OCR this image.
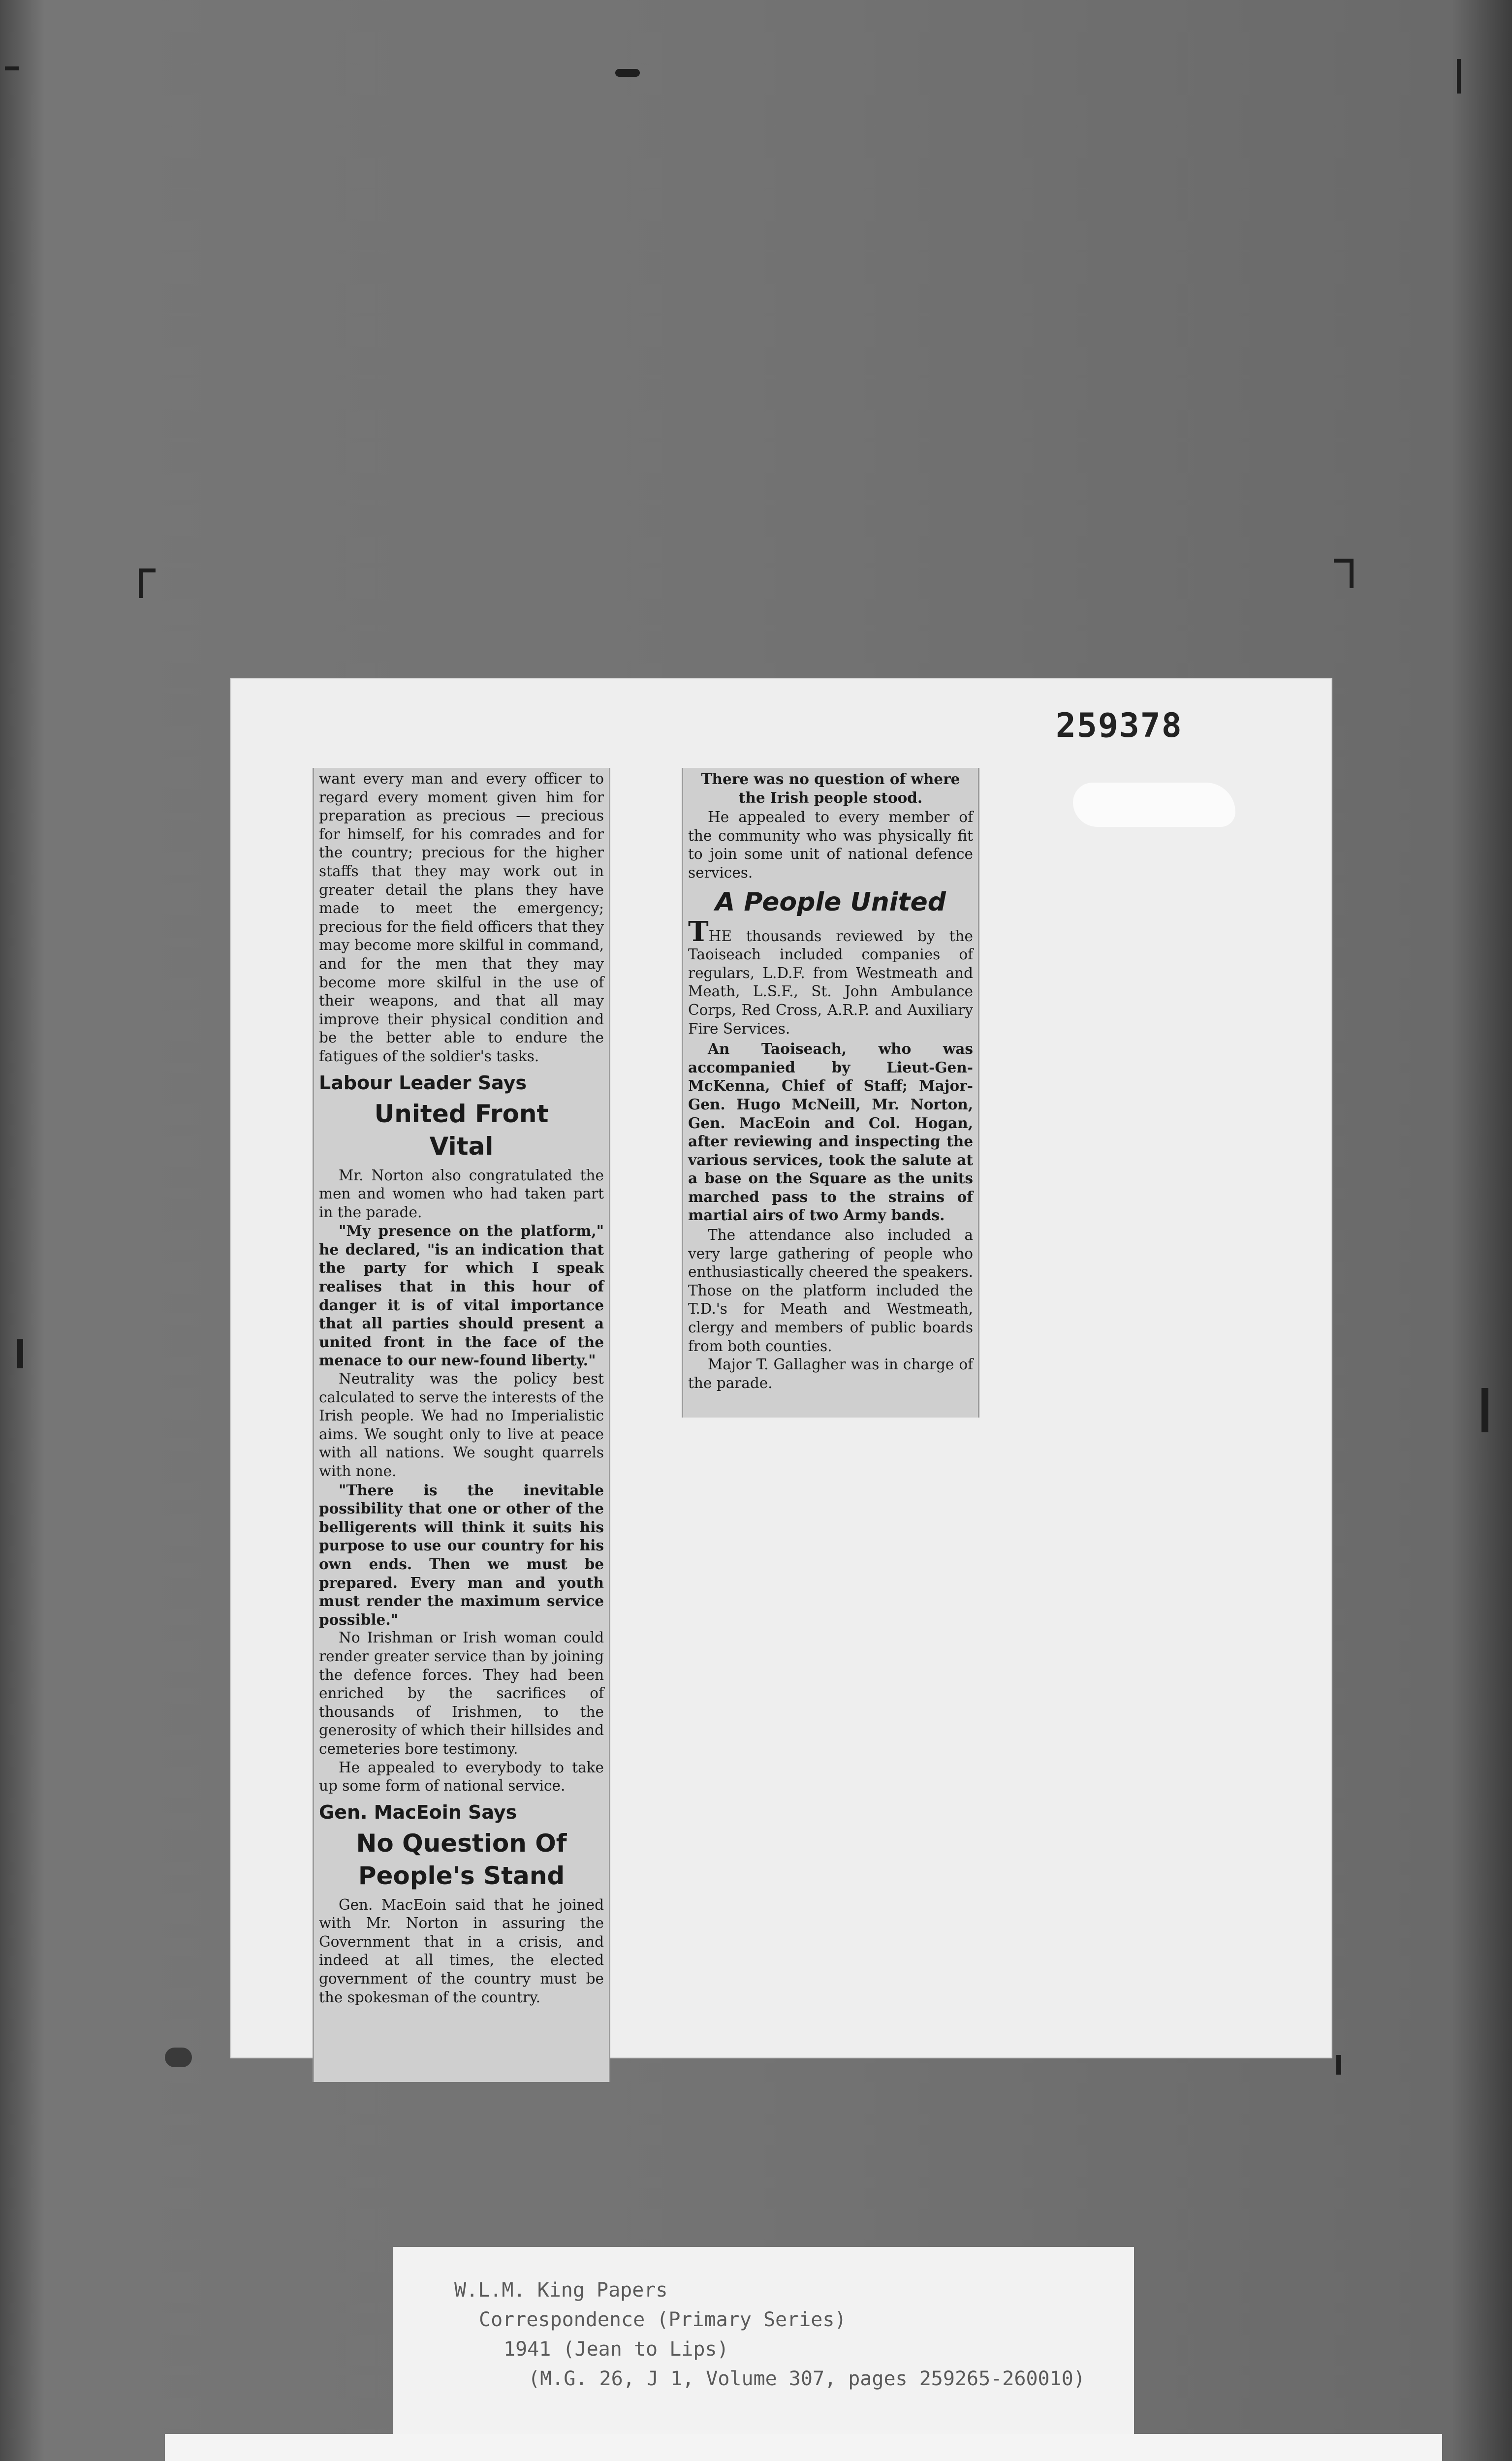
259378

want every man and every officer to regard every moment given him for preparation as precious — precious for himself, for his comrades and for the country; precious for the higher staffs that they may work out in greater detail the plans they have made to meet the emergency; precious for the field officers that they may become more skilful in command, and for the men that they may become more skilful in the use of their weapons, and that all may improve their physical condition and be the better able to endure the fatigues of the soldier's tasks.

Labour Leader Says

United Front

Vital

Mr. Norton also congratulated the men and women who had taken part in the parade.

"My presence on the platform," he declared, "is an indication that the party for which I speak realises that in this hour of danger it is of vital importance that all parties should present a united front in the face of the menace to our new-found liberty."

Neutrality was the policy best calculated to serve the interests of the Irish people. We had no Imperialistic aims. We sought only to live at peace with all nations. We sought quarrels with none.

"There is the inevitable possibility that one or other of the belligerents will think it suits his purpose to use our country for his own ends. Then we must be prepared. Every man and youth must render the maximum service possible."

No Irishman or Irish woman could render greater service than by joining the defence forces. They had been enriched by the sacrifices of thousands of Irishmen, to the generosity of which their hillsides and cemeteries bore testimony.

He appealed to everybody to take up some form of national service.

Gen. MacEoin Says

No Question Of

People's Stand

Gen. MacEoin said that he joined with Mr. Norton in assuring the Government that in a crisis, and indeed at all times, the elected government of the country must be the spokesman of the country.

There was no question of where the Irish people stood.

He appealed to every member of the community who was physically fit to join some unit of national defence services.

A People United

THE thousands reviewed by the Taoiseach included companies of regulars, L.D.F. from Westmeath and Meath, L.S.F., St. John Ambulance Corps, Red Cross, A.R.P. and Auxiliary Fire Services.

An Taoiseach, who was accompanied by Lieut-Gen-McKenna, Chief of Staff; Major-Gen. Hugo McNeill, Mr. Norton, Gen. MacEoin and Col. Hogan, after reviewing and inspecting the various services, took the salute at a base on the Square as the units marched pass to the strains of martial airs of two Army bands.

The attendance also included a very large gathering of people who enthusiastically cheered the speakers. Those on the platform included the T.D.'s for Meath and Westmeath, clergy and members of public boards from both counties.

Major T. Gallagher was in charge of the parade.

W.L.M. King Papers
Correspondence (Primary Series)
1941 (Jean to Lips)
(M.G. 26, J 1, Volume 307, pages 259265-260010)
